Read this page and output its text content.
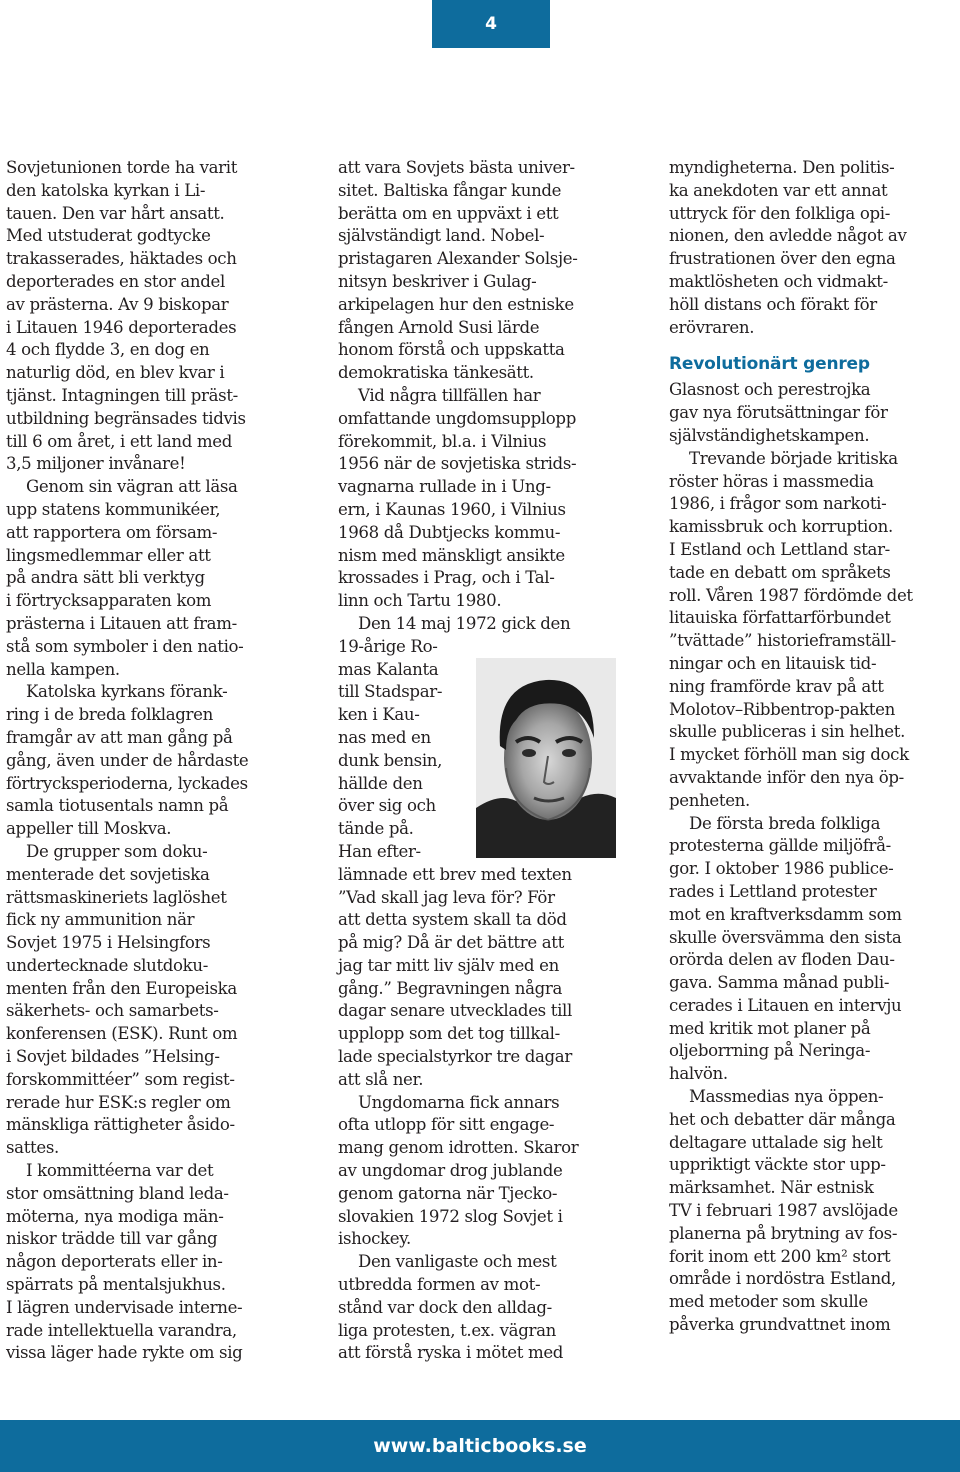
4
Sovjetunionen torde ha varit
den katolska kyrkan i Li-
tauen. Den var hårt ansatt.
Med utstuderat godtycke
trakasserades, häktades och
deporterades en stor andel
av prästerna. Av 9 biskopar
i Litauen 1946 deporterades
4 och flydde 3, en dog en
naturlig död, en blev kvar i
tjänst. Intagningen till präst-
utbildning begränsades tidvis
till 6 om året, i ett land med
3,5 miljoner invånare!
Genom sin vägran att läsa
upp statens kommunikéer,
att rapportera om försam-
lingsmedlemmar eller att
på andra sätt bli verktyg
i förtrycksapparaten kom
prästerna i Litauen att fram-
stå som symboler i den natio-
nella kampen.
Katolska kyrkans förank-
ring i de breda folklagren
framgår av att man gång på
gång, även under de hårdaste
förtrycksperioderna, lyckades
samla tiotusentals namn på
appeller till Moskva.
De grupper som doku-
menterade det sovjetiska
rättsmaskineriets laglöshet
fick ny ammunition när
Sovjet 1975 i Helsingfors
undertecknade slutdoku-
menten från den Europeiska
säkerhets- och samarbets-
konferensen (ESK). Runt om
i Sovjet bildades ”Helsing-
forskommittéer” som regist-
rerade hur ESK:s regler om
mänskliga rättigheter åsido-
sattes.
I kommittéerna var det
stor omsättning bland leda-
möterna, nya modiga män-
niskor trädde till var gång
någon deporterats eller in-
spärrats på mentalsjukhus.
I lägren undervisade interne-
rade intellektuella varandra,
vissa läger hade rykte om sig
att vara Sovjets bästa univer-
sitet. Baltiska fångar kunde
berätta om en uppväxt i ett
självständigt land. Nobel-
pristagaren Alexander Solsje-
nitsyn beskriver i Gulag-
arkipelagen hur den estniske
fången Arnold Susi lärde
honom förstå och uppskatta
demokratiska tänkesätt.
Vid några tillfällen har
omfattande ungdomsupplopp
förekommit, bl.a. i Vilnius
1956 när de sovjetiska strids-
vagnarna rullade in i Ung-
ern, i Kaunas 1960, i Vilnius
1968 då Dubtjecks kommu-
nism med mänskligt ansikte
krossades i Prag, och i Tal-
linn och Tartu 1980.
Den 14 maj 1972 gick den
19-årige Ro-
mas Kalanta
till Stadspar-
ken i Kau-
nas med en
dunk bensin,
hällde den
över sig och
tände på.
Han efter-
lämnade ett brev med texten
”Vad skall jag leva för? För
att detta system skall ta död
på mig? Då är det bättre att
jag tar mitt liv själv med en
gång.” Begravningen några
dagar senare utvecklades till
upplopp som det tog tillkal-
lade specialstyrkor tre dagar
att slå ner.
Ungdomarna fick annars
ofta utlopp för sitt engage-
mang genom idrotten. Skaror
av ungdomar drog jublande
genom gatorna när Tjecko-
slovakien 1972 slog Sovjet i
ishockey.
Den vanligaste och mest
utbredda formen av mot-
stånd var dock den alldag-
liga protesten, t.ex. vägran
att förstå ryska i mötet med
myndigheterna. Den politis-
ka anekdoten var ett annat
uttryck för den folkliga opi-
nionen, den avledde något av
frustrationen över den egna
maktlösheten och vidmakt-
höll distans och förakt för
erövraren.
Revolutionärt genrep
Glasnost och perestrojka
gav nya förutsättningar för
självständighetskampen.
Trevande började kritiska
röster höras i massmedia
1986, i frågor som narkoti-
kamissbruk och korruption.
I Estland och Lettland star-
tade en debatt om språkets
roll. Våren 1987 fördömde det
litauiska författarförbundet
”tvättade” historieframställ-
ningar och en litauisk tid-
ning framförde krav på att
Molotov–Ribbentrop-pakten
skulle publiceras i sin helhet.
I mycket förhöll man sig dock
avvaktande inför den nya öp-
penheten.
De första breda folkliga
protesterna gällde miljöfrå-
gor. I oktober 1986 publice-
rades i Lettland protester
mot en kraftverksdamm som
skulle översvämma den sista
orörda delen av floden Dau-
gava. Samma månad publi-
cerades i Litauen en intervju
med kritik mot planer på
oljeborrning på Neringa-
halvön.
Massmedias nya öppen-
het och debatter där många
deltagare uttalade sig helt
uppriktigt väckte stor upp-
märksamhet. När estnisk
TV i februari 1987 avslöjade
planerna på brytning av fos-
forit inom ett 200 km² stort
område i nordöstra Estland,
med metoder som skulle
påverka grundvattnet inom
www.balticbooks.se
